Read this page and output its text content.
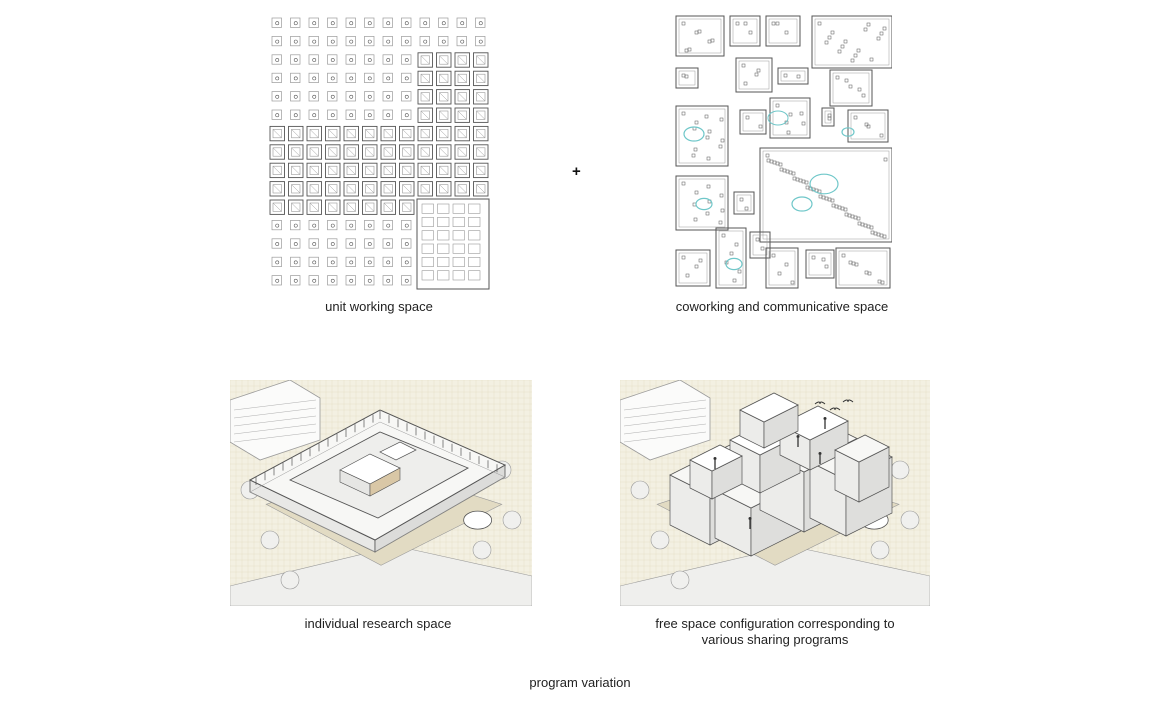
unit working space
+
coworking and communicative space
individual research space	free space configuration corresponding to
various sharing programs
program variation
